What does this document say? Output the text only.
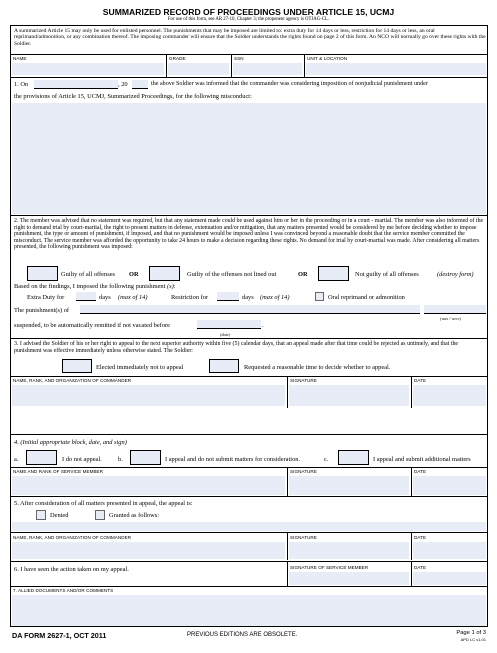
SUMMARIZED RECORD OF PROCEEDINGS UNDER ARTICLE 15, UCMJ
For use of this form, see AR 27-10, Chapter 3; the proponent agency is OTJAG-CL.
A summarized Article 15 may only be used for enlisted personnel. The punishments that may be imposed are limited to: extra duty for 14 days or less, restriction for 14 days or less, an oral reprimand/admonition, or any combination thereof. The imposing commander will ensure that the Soldier understands the rights found on page 2 of this form. An NCO will normally go over these rights with the Soldier.
NAME	GRADE	SSN	UNIT & LOCATION
1. On	, 20	the above Soldier was informed that the commander was considering imposition of nonjudicial punishment under
the provisions of Article 15, UCMJ, Summarized Proceedings, for the following misconduct:
2. The member was advised that no statement was required, but that any statement made could be used against him or her in the proceeding or in a court - martial. The member was also informed of the right to demand trial by court-martial, the right to present matters in defense, extenuation and/or mitigation, that any matters presented would be considered by me before deciding whether to impose punishment, the type or amount of punishment, if imposed, and that no punishment would be imposed unless I was convinced beyond a reasonable doubt that the service member committed the misconduct. The service member was afforded the opportunity to take 24 hours to make a decision regarding these rights. No demand for trial by court-martial was made. After considering all matters presented, the following punishment was imposed:
Guilty of all offenses OR	Guilty of the offenses not lined out	OR	Not guilty of all offenses	(destroy form)
Based on the findings, I imposed the following punishment (s):
Extra Duty for	days (max of 14)	Restriction for	days (max of 14)	Oral reprimand or admonition
The punishment(s) of
(was / were)
suspended, to be automatically remitted if not vacated before	.
(date)
3. I advised the Soldier of his or her right to appeal to the next superior authority within five (5) calendar days, that an appeal made after that time could be rejected as untimely, and that the punishment was effective immediately unless otherwise stated. The Soldier:
Elected immediately not to appeal	Requested a reasonable time to decide whether to appeal.
NAME, RANK, AND ORGANIZATION OF COMMANDER	SIGNATURE	DATE
4. (Initial appropriate block, date, and sign)
a.	I do not appeal.	b.	I appeal and do not submit matters for consideration.	c.	I appeal and submit additional matters
NAME AND RANK OF SERVICE MEMBER	SIGNATURE	DATE
5. After consideration of all matters presented in appeal, the appeal is:
Denied	Granted as follows:
NAME, RANK, AND ORGANIZATION OF COMMANDER	SIGNATURE	DATE
6. I have seen the action taken on my appeal.	SIGNATURE OF SERVICE MEMBER	DATE
7. ALLIED DOCUMENTS AND/OR COMMENTS
DA FORM 2627-1, OCT 2011	PREVIOUS EDITIONS ARE OBSOLETE.	Page 1 of 3
APD LC v1.01
